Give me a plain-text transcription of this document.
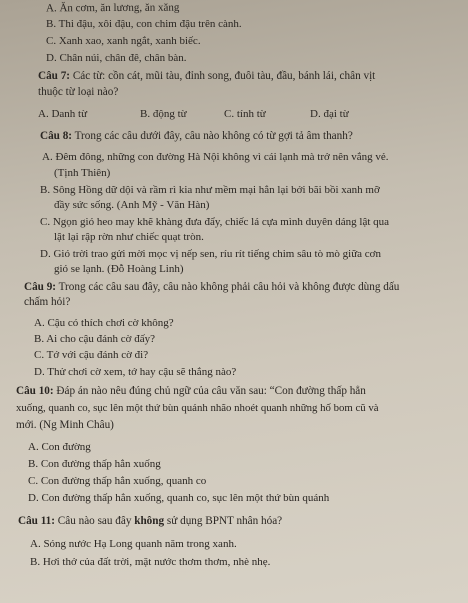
A. Ăn cơm, ăn lương, ăn xăng
B. Thi đậu, xôi đậu, con chim đậu trên cành.
C. Xanh xao, xanh ngắt, xanh biếc.
D. Chân núi, chân đê, chân bàn.
Câu 7: Các từ: cồn cát, mũi tàu, đỉnh song, đuôi tàu, đầu, bánh lái, chân vịt
thuộc từ loại nào?
A. Danh từ	B. động từ	C. tính từ	D. đại từ
Câu 8: Trong các câu dưới đây, câu nào không có từ gợi tả âm thanh?
A. Đêm đông, những con đường Hà Nội không vì cái lạnh mà trở nên vắng vẻ.
(Tịnh Thiên)
B. Sông Hồng dữ dội và rầm rì kia như mềm mại hẳn lại bởi bãi bồi xanh mỡ
đầy sức sống. (Anh Mỹ - Văn Hàn)
C. Ngọn gió heo may khẽ khàng đưa đẩy, chiếc lá cựa mình duyên dáng lật qua
lật lại rập rờn như chiếc quạt tròn.
D. Gió trời trao gửi mời mọc vị nếp sen, ríu rít tiếng chim sâu tò mò giữa cơn
gió se lạnh. (Đỗ Hoàng Linh)
Câu 9: Trong các câu sau đây, câu nào không phải câu hỏi và không được dùng dấu
chấm hỏi?
A. Cậu có thích chơi cờ không?
B. Ai cho cậu đánh cờ đấy?
C. Tớ với cậu đánh cờ đi?
D. Thử chơi cờ xem, tớ hay cậu sẽ thắng nào?
Câu 10: Đáp án nào nêu đúng chủ ngữ của câu văn sau: “Con đường thấp hẳn
xuống, quanh co, sục lên một thứ bùn quánh nhão nhoét quanh những hố bom cũ và
mới. (Ng Minh Châu)
A. Con đường
B. Con đường thấp hẳn xuống
C. Con đường thấp hẳn xuống, quanh co
D. Con đường thấp hẳn xuống, quanh co, sục lên một thứ bùn quánh
Câu 11: Câu nào sau đây không sử dụng BPNT nhân hóa?
A. Sóng nước Hạ Long quanh năm trong xanh.
B. Hơi thở của đất trời, mặt nước thơm thơm, nhè nhẹ.
